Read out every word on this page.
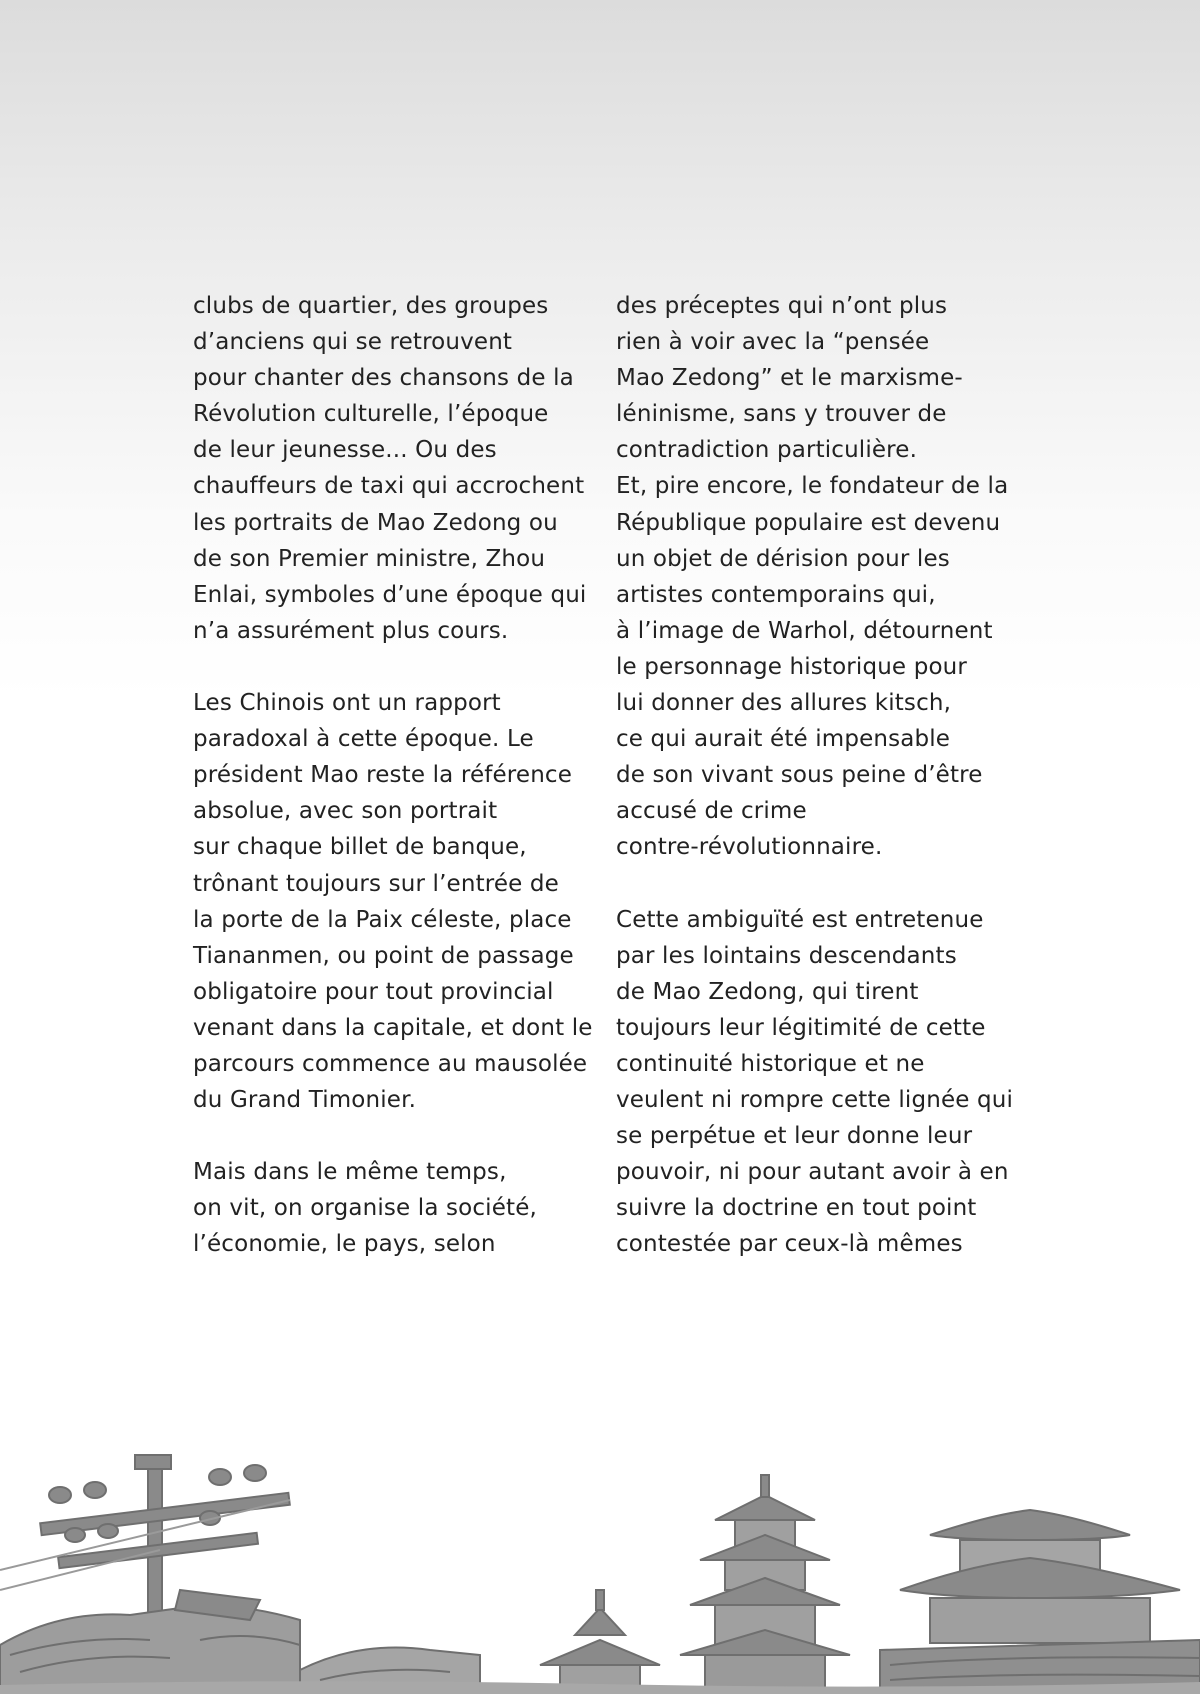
clubs de quartier, des groupes
d’anciens qui se retrouvent
pour chanter des chansons de la
Révolution culturelle, l’époque
de leur jeunesse... Ou des
chauffeurs de taxi qui accrochent
les portraits de Mao Zedong ou
de son Premier ministre, Zhou
Enlai, symboles d’une époque qui
n’a assurément plus cours.
Les Chinois ont un rapport
paradoxal à cette époque. Le
président Mao reste la référence
absolue, avec son portrait
sur chaque billet de banque,
trônant toujours sur l’entrée de
la porte de la Paix céleste, place
Tiananmen, ou point de passage
obligatoire pour tout provincial
venant dans la capitale, et dont le
parcours commence au mausolée
du Grand Timonier.
Mais dans le même temps,
on vit, on organise la société,
l’économie, le pays, selon
des préceptes qui n’ont plus
rien à voir avec la “pensée
Mao Zedong” et le marxisme-
léninisme, sans y trouver de
contradiction particulière.
Et, pire encore, le fondateur de la
République populaire est devenu
un objet de dérision pour les
artistes contemporains qui,
à l’image de Warhol, détournent
le personnage historique pour
lui donner des allures kitsch,
ce qui aurait été impensable
de son vivant sous peine d’être
accusé de crime
contre-révolutionnaire.
Cette ambiguïté est entretenue
par les lointains descendants
de Mao Zedong, qui tirent
toujours leur légitimité de cette
continuité historique et ne
veulent ni rompre cette lignée qui
se perpétue et leur donne leur
pouvoir, ni pour autant avoir à en
suivre la doctrine en tout point
contestée par ceux-là mêmes
